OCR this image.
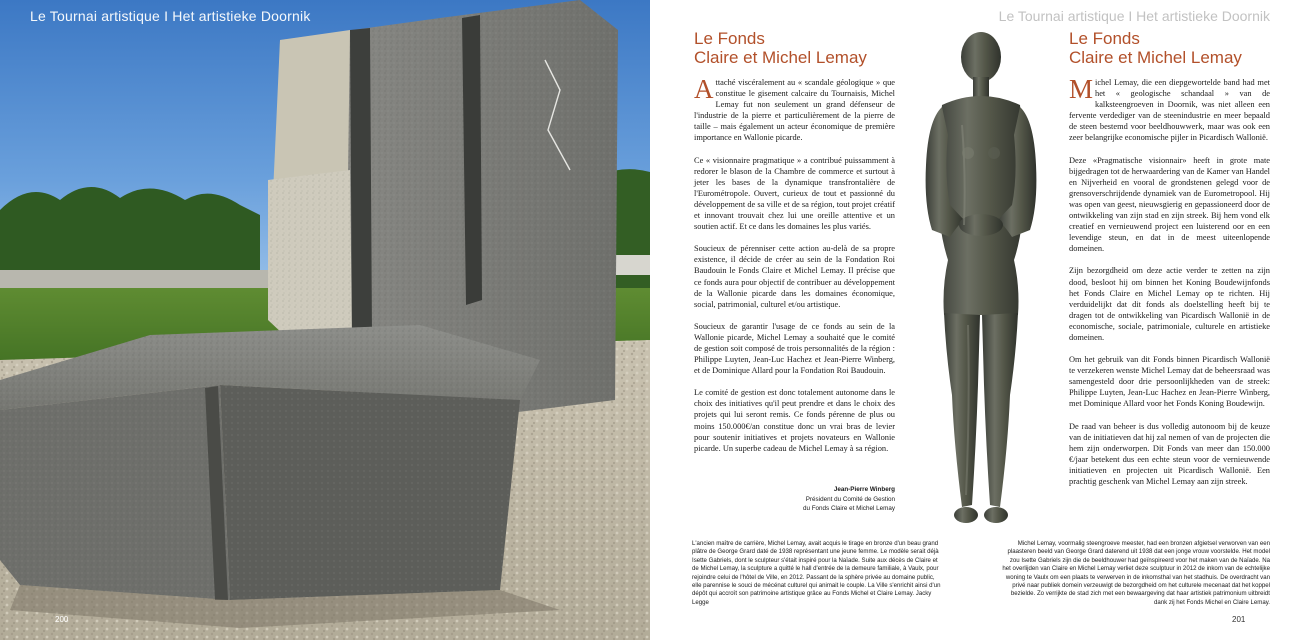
Le Tournai artistique I Het artistieke Doornik
200
Le Tournai artistique I Het artistieke Doornik
Le Fonds
Claire et Michel Lemay

Attaché viscéralement au « scandale géologique » que constitue le gisement calcaire du Tournaisis, Michel Lemay fut non seulement un grand défenseur de l'industrie de la pierre et particulièrement de la pierre de taille – mais également un acteur économique de première importance en Wallonie picarde.

Ce « visionnaire pragmatique » a contribué puissamment à redorer le blason de la Chambre de commerce et surtout à jeter les bases de la dynamique transfrontalière de l'Eurométropole. Ouvert, curieux de tout et passionné du développement de sa ville et de sa région, tout projet créatif et innovant trouvait chez lui une oreille attentive et un soutien actif. Et ce dans les domaines les plus variés.

Soucieux de pérenniser cette action au-delà de sa propre existence, il décide de créer au sein de la Fondation Roi Baudouin le Fonds Claire et Michel Lemay. Il précise que ce fonds aura pour objectif de contribuer au développement de la Wallonie picarde dans les domaines économique, social, patrimonial, culturel et/ou artistique.

Soucieux de garantir l'usage de ce fonds au sein de la Wallonie picarde, Michel Lemay a souhaité que le comité de gestion soit composé de trois personnalités de la région : Philippe Luyten, Jean-Luc Hachez et Jean-Pierre Winberg, et de Dominique Allard pour la Fondation Roi Baudouin.

Le comité de gestion est donc totalement autonome dans le choix des initiatives qu'il peut prendre et dans le choix des projets qui lui seront remis. Ce fonds pérenne de plus ou moins 150.000€/an constitue donc un vrai bras de levier pour soutenir initiatives et projets novateurs en Wallonie picarde. Un superbe cadeau de Michel Lemay à sa région.

Jean-Pierre Winberg
Président du Comité de Gestion
du Fonds Claire et Michel Lemay
Le Fonds
Claire et Michel Lemay

Michel Lemay, die een diepgewortelde band had met het « geologische schandaal » van de kalksteengroeven in Doornik, was niet alleen een fervente verdediger van de steenindustrie en meer bepaald de steen bestemd voor beeldhouwwerk, maar was ook een zeer belangrijke economische pijler in Picardisch Wallonië.

Deze «Pragmatische visionnair» heeft in grote mate bijgedragen tot de herwaardering van de Kamer van Handel en Nijverheid en vooral de grondstenen gelegd voor de grensoverschrijdende dynamiek van de Eurometropool. Hij was open van geest, nieuwsgierig en gepassioneerd door de ontwikkeling van zijn stad en zijn streek. Bij hem vond elk creatief en vernieuwend project een luisterend oor en een levendige steun, en dat in de meest uiteenlopende domeinen.

Zijn bezorgdheid om deze actie verder te zetten na zijn dood, besloot hij om binnen het Koning Boudewijnfonds het Fonds Claire en Michel Lemay op te richten. Hij verduidelijkt dat dit fonds als doelstelling heeft bij te dragen tot de ontwikkeling van Picardisch Wallonië in de economische, sociale, patrimoniale, culturele en artistieke domeinen.

Om het gebruik van dit Fonds binnen Picardisch Wallonië te verzekeren wenste Michel Lemay dat de beheersraad was samengesteld door drie persoonlijkheden van de streek: Philippe Luyten, Jean-Luc Hachez en Jean-Pierre Winberg, met Dominique Allard voor het Fonds Koning Boudewijn.

De raad van beheer is dus volledig autonoom bij de keuze van de initiatieven dat hij zal nemen of van de projecten die hem zijn onderworpen. Dit Fonds van meer dan 150.000 €/jaar betekent dus een echte steun voor de vernieuwende initiatieven en projecten uit Picardisch Wallonië. Een prachtig geschenk van Michel Lemay aan zijn streek.

L'ancien maître de carrière, Michel Lemay, avait acquis le tirage en bronze d'un beau grand plâtre de George Grard daté de 1938 représentant une jeune femme. Le modèle serait déjà Isette Gabriels, dont le sculpteur s'était inspiré pour la Naïade. Suite aux décès de Claire et de Michel Lemay, la sculpture a quitté le hall d'entrée de la demeure familiale, à Vaulx, pour rejoindre celui de l'hôtel de Ville, en 2012. Passant de la sphère privée au domaine public, elle parennise le souci de mécénat culturel qui animait le couple. La Ville s'enrichit ainsi d'un dépôt qui accroît son patrimoine artistique grâce au Fonds Michel et Claire Lemay. Jacky Legge
Michel Lemay, voormalig steengroeve meester, had een bronzen afgietsel verworven van een plaasteren beeld van George Grard daterend uit 1938 dat een jonge vrouw voorstelde. Het model zou Isette Gabriels zijn die de beeldhouwer had geïnspireerd voor het maken van de Naïade. Na het overlijden van Claire en Michel Lemay verliet deze sculptuur in 2012 de inkom van de echtelijke woning te Vaulx om een plaats te verwerven in de inkomsthal van het stadhuis. De overdracht van privé naar publiek domein verzeuwigt de bezorgdheid om het culturele mecenaat dat het koppel bezielde. Zo verrijkte de stad zich met een bewaargeving dat haar artistiek patrimonium uitbreidt dank zij het Fonds Michel en Claire Lemay.
201
